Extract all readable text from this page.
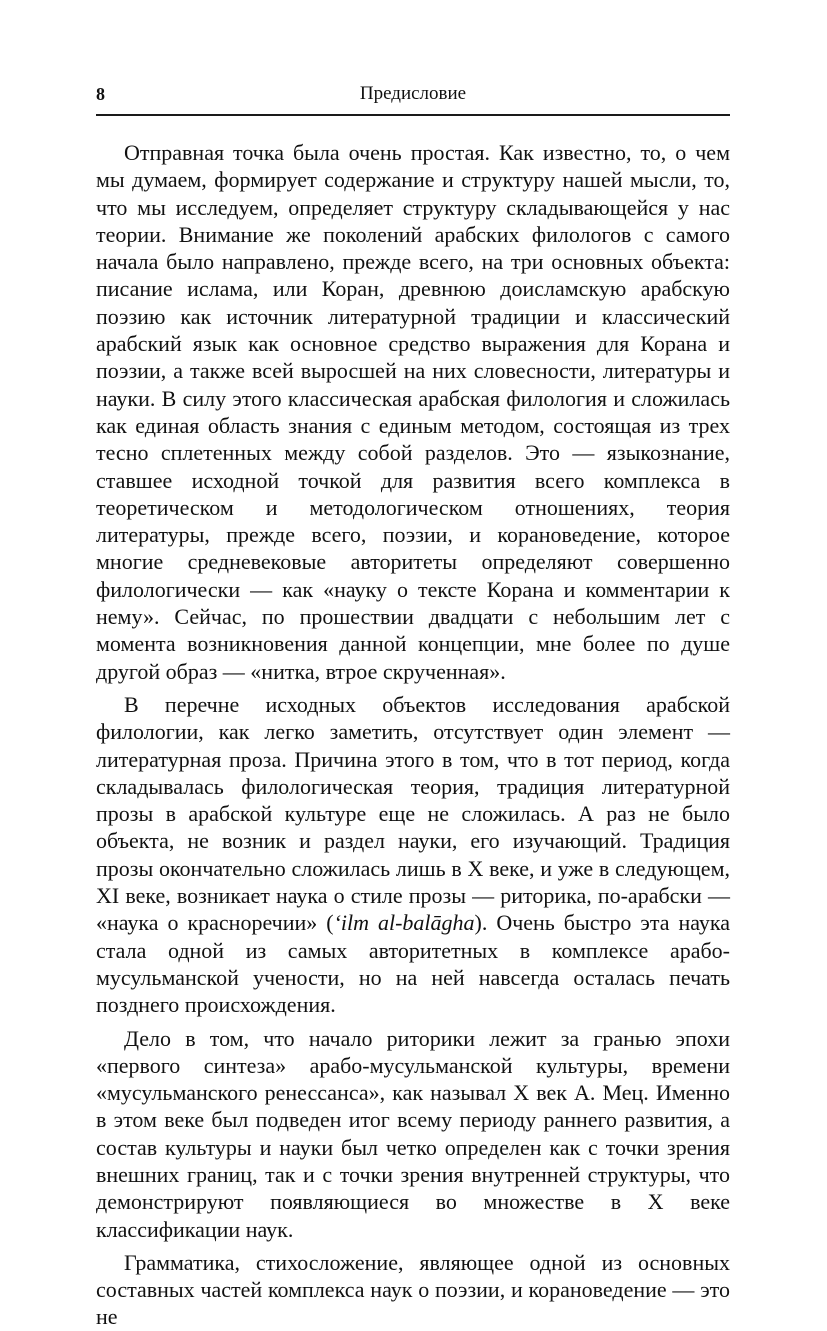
8	Предисловие

Отправная точка была очень простая. Как известно, то, о чем мы думаем, формирует содержание и структуру нашей мысли, то, что мы исследуем, определяет структуру складывающейся у нас теории. Внимание же поколений арабских филологов с самого начала было направлено, прежде всего, на три основных объекта: писание ислама, или Коран, древнюю доисламскую арабскую поэзию как источник литературной традиции и классический арабский язык как основное средство выражения для Корана и поэзии, а также всей выросшей на них словесности, литературы и науки. В силу этого классическая арабская филология и сложилась как единая область знания с единым методом, состоящая из трех тесно сплетенных между собой разделов. Это — языкознание, ставшее исходной точкой для развития всего комплекса в теоретическом и методологическом отношениях, теория литературы, прежде всего, поэзии, и корановедение, которое многие средневековые авторитеты определяют совершенно филологически — как «науку о тексте Корана и комментарии к нему». Сейчас, по прошествии двадцати с небольшим лет с момента возникновения данной концепции, мне более по душе другой образ — «нитка, втрое скрученная».

В перечне исходных объектов исследования арабской филологии, как легко заметить, отсутствует один элемент — литературная проза. Причина этого в том, что в тот период, когда складывалась филологическая теория, традиция литературной прозы в арабской культуре еще не сложилась. А раз не было объекта, не возник и раздел науки, его изучающий. Традиция прозы окончательно сложилась лишь в X веке, и уже в следующем, XI веке, возникает наука о стиле прозы — риторика, по-арабски — «наука о красноречии» (‘ilm al-balāgha). Очень быстро эта наука стала одной из самых авторитетных в комплексе арабо-мусульманской учености, но на ней навсегда осталась печать позднего происхождения.

Дело в том, что начало риторики лежит за гранью эпохи «первого синтеза» арабо-мусульманской культуры, времени «мусульманского ренессанса», как называл X век А. Мец. Именно в этом веке был подведен итог всему периоду раннего развития, а состав культуры и науки был четко определен как с точки зрения внешних границ, так и с точки зрения внутренней структуры, что демонстрируют появляющиеся во множестве в X веке классификации наук.

Грамматика, стихосложение, являющее одной из основных составных частей комплекса наук о поэзии, и корановедение — это не
